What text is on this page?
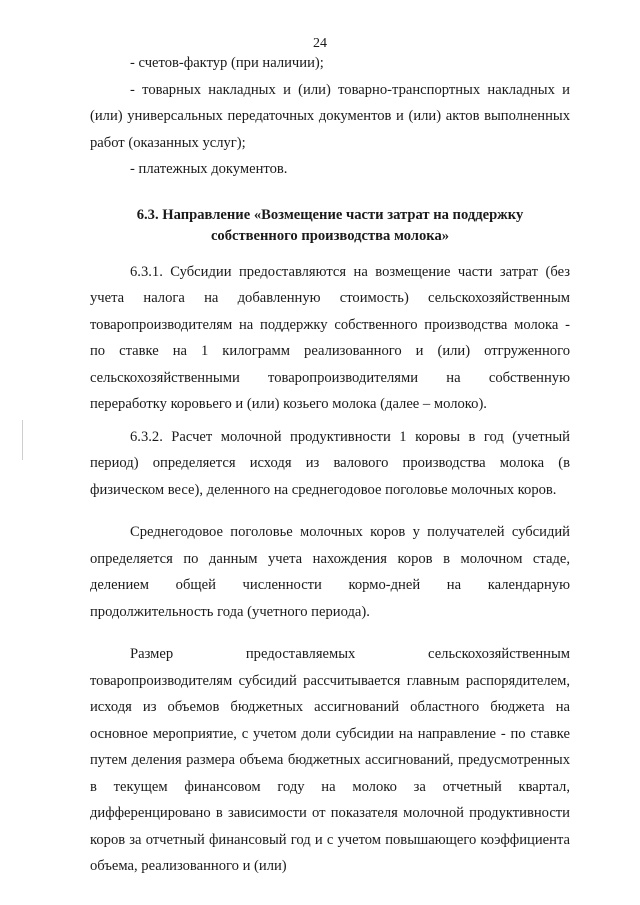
24

- счетов-фактур (при наличии);

- товарных накладных и (или) товарно-транспортных накладных и (или) универсальных передаточных документов и (или) актов выполненных работ (оказанных услуг);

- платежных документов.

6.3. Направление «Возмещение части затрат на поддержку
собственного производства молока»

6.3.1. Субсидии предоставляются на возмещение части затрат (без учета налога на добавленную стоимость) сельскохозяйственным товаропроизводителям на поддержку собственного производства молока - по ставке на 1 килограмм реализованного и (или) отгруженного сельскохозяйственными товаропроизводителями на собственную переработку коровьего и (или) козьего молока (далее – молоко).

6.3.2. Расчет молочной продуктивности 1 коровы в год (учетный период) определяется исходя из валового производства молока (в физическом весе), деленного на среднегодовое поголовье молочных коров.

Среднегодовое поголовье молочных коров у получателей субсидий определяется по данным учета нахождения коров в молочном стаде, делением общей численности кормо-дней на календарную продолжительность года (учетного периода).

Размер предоставляемых сельскохозяйственным товаропроизводителям субсидий рассчитывается главным распорядителем, исходя из объемов бюджетных ассигнований областного бюджета на основное мероприятие, с учетом доли субсидии на направление - по ставке путем деления размера объема бюджетных ассигнований, предусмотренных в текущем финансовом году на молоко за отчетный квартал, дифференцировано в зависимости от показателя молочной продуктивности коров за отчетный финансовый год и с учетом повышающего коэффициента объема, реализованного и (или)
